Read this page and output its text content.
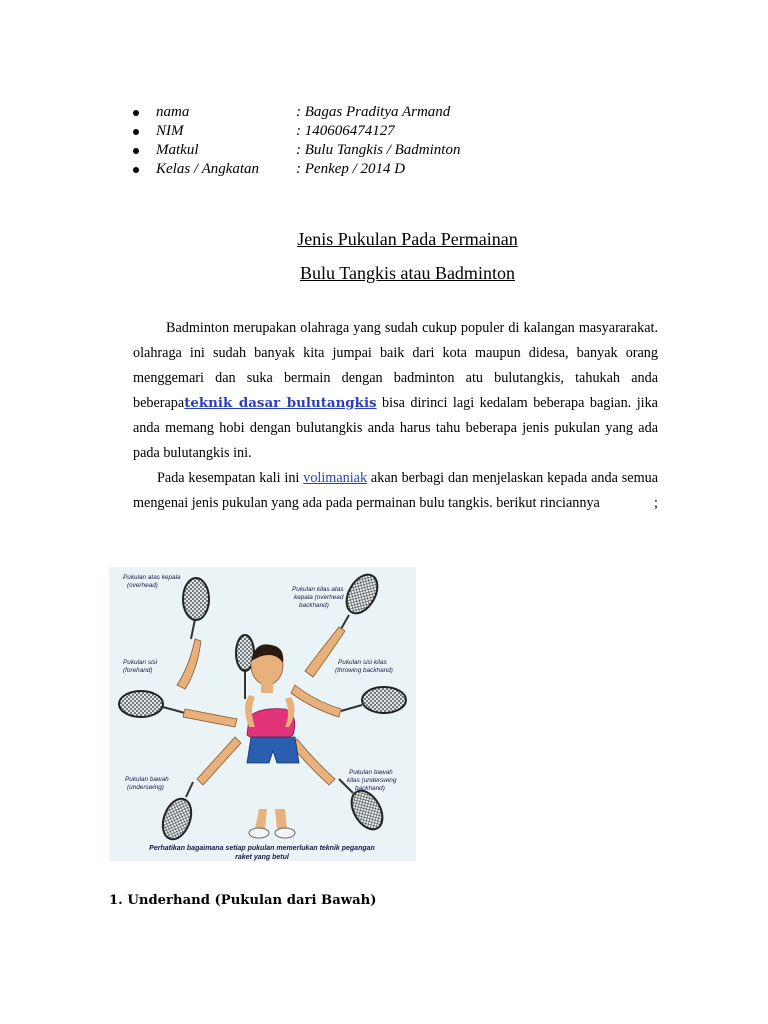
nama	: Bagas Praditya Armand
NIM	: 140606474127
Matkul	: Bulu Tangkis / Badminton
Kelas / Angkatan : Penkep / 2014 D
Jenis Pukulan Pada Permainan
Bulu Tangkis atau Badminton

Badminton merupakan olahraga yang sudah cukup populer di kalangan masyararakat. olahraga ini sudah banyak kita jumpai baik dari kota maupun didesa, banyak orang menggemari dan suka bermain dengan badminton atu bulutangkis, tahukah anda beberapateknik dasar bulutangkis bisa dirinci lagi kedalam beberapa bagian. jika anda memang hobi dengan bulutangkis anda harus tahu beberapa jenis pukulan yang ada pada bulutangkis ini.

Pada kesempatan kali ini volimaniak akan berbagi dan menjelaskan kepada anda semua mengenai jenis pukulan yang ada pada permainan bulu tangkis. berikut rinciannya	;

Pukulan atas kepala
(overhead)
Pukulan kilas atas
kepala (overhead
backhand)
Pukulan sisi
(forehand)
Pukulan sisi kilas
(throwing backhand)
Pukulan bawah
(underswing)
Pukulan bawah
kilas (underswing
backhand)
Perhatikan bagaimana setiap pukulan memerlukan teknik pegangan
raket yang betul
1. Underhand (Pukulan dari Bawah)
